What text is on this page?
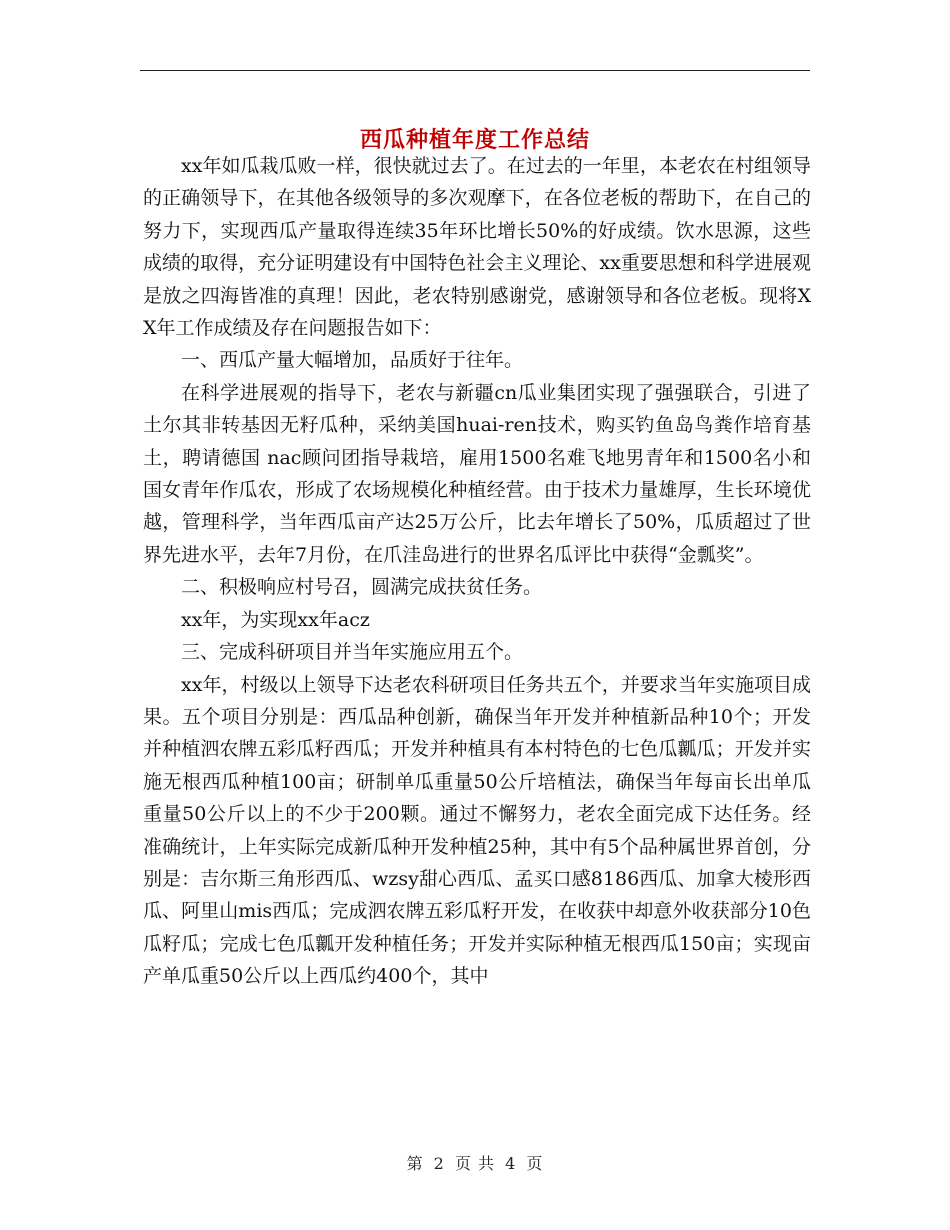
西瓜种植年度工作总结

xx年如瓜栽瓜败一样，很快就过去了。在过去的一年里，本老农在村组领导的正确领导下，在其他各级领导的多次观摩下，在各位老板的帮助下，在自己的努力下，实现西瓜产量取得连续35年环比增长50%的好成绩。饮水思源，这些成绩的取得，充分证明建设有中国特色社会主义理论、xx重要思想和科学进展观是放之四海皆准的真理！因此，老农特别感谢党，感谢领导和各位老板。现将XX年工作成绩及存在问题报告如下：

一、西瓜产量大幅增加，品质好于往年。

在科学进展观的指导下，老农与新疆cn瓜业集团实现了强强联合，引进了土尔其非转基因无籽瓜种，采纳美国huai-ren技术，购买钓鱼岛鸟粪作培育基土，聘请德国 nac顾问团指导栽培，雇用1500名难飞地男青年和1500名小和国女青年作瓜农，形成了农场规模化种植经营。由于技术力量雄厚，生长环境优越，管理科学，当年西瓜亩产达25万公斤，比去年增长了50%，瓜质超过了世界先进水平，去年7月份，在爪洼岛进行的世界名瓜评比中获得“金瓢奖”。

二、积极响应村号召，圆满完成扶贫任务。

xx年，为实现xx年acz

三、完成科研项目并当年实施应用五个。

xx年，村级以上领导下达老农科研项目任务共五个，并要求当年实施项目成果。五个项目分别是：西瓜品种创新，确保当年开发并种植新品种10个；开发并种植泗农牌五彩瓜籽西瓜；开发并种植具有本村特色的七色瓜瓤瓜；开发并实施无根西瓜种植100亩；研制单瓜重量50公斤培植法，确保当年每亩长出单瓜重量50公斤以上的不少于200颗。通过不懈努力，老农全面完成下达任务。经准确统计，上年实际完成新瓜种开发种植25种，其中有5个品种属世界首创，分别是：吉尔斯三角形西瓜、wzsy甜心西瓜、孟买口感8186西瓜、加拿大棱形西瓜、阿里山mis西瓜；完成泗农牌五彩瓜籽开发，在收获中却意外收获部分10色瓜籽瓜；完成七色瓜瓤开发种植任务；开发并实际种植无根西瓜150亩；实现亩产单瓜重50公斤以上西瓜约400个，其中

第 2 页 共 4 页
